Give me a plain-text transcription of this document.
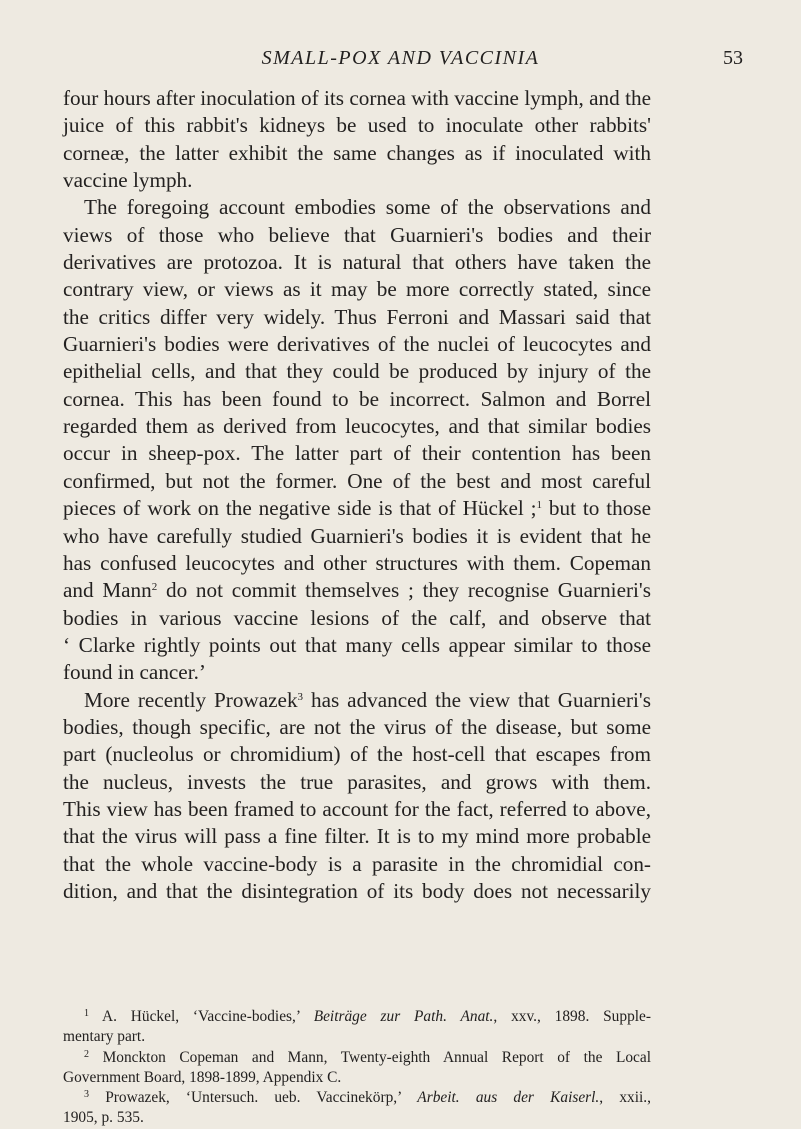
SMALL-POX AND VACCINIA	53
four hours after inoculation of its cornea with vaccine lymph, and the
juice of this rabbit's kidneys be used to inoculate other rabbits'
corneæ, the latter exhibit the same changes as if inoculated with
vaccine lymph.
The foregoing account embodies some of the observations and
views of those who believe that Guarnieri's bodies and their
derivatives are protozoa. It is natural that others have taken the
contrary view, or views as it may be more correctly stated, since
the critics differ very widely. Thus Ferroni and Massari said that
Guarnieri's bodies were derivatives of the nuclei of leucocytes and
epithelial cells, and that they could be produced by injury of the
cornea. This has been found to be incorrect. Salmon and Borrel
regarded them as derived from leucocytes, and that similar bodies
occur in sheep-pox. The latter part of their contention has been
confirmed, but not the former. One of the best and most careful
pieces of work on the negative side is that of Hückel ;$^1$ but to those
who have carefully studied Guarnieri's bodies it is evident that he
has confused leucocytes and other structures with them. Copeman
and Mann$^2$ do not commit themselves ; they recognise Guarnieri's
bodies in various vaccine lesions of the calf, and observe that
‘ Clarke rightly points out that many cells appear similar to those
found in cancer.’
More recently Prowazek$^3$ has advanced the view that Guarnieri's
bodies, though specific, are not the virus of the disease, but some
part (nucleolus or chromidium) of the host-cell that escapes from
the nucleus, invests the true parasites, and grows with them.
This view has been framed to account for the fact, referred to above,
that the virus will pass a fine filter. It is to my mind more probable
that the whole vaccine-body is a parasite in the chromidial con-
dition, and that the disintegration of its body does not necessarily
$^1$ A. Hückel, ‘Vaccine-bodies,’ Beiträge zur Path. Anat., xxv., 1898. Supple-
mentary part.
$^2$ Monckton Copeman and Mann, Twenty-eighth Annual Report of the Local
Government Board, 1898-1899, Appendix C.
$^3$ Prowazek, ‘Untersuch. ueb. Vaccinekörp,’ Arbeit. aus der Kaiserl., xxii.,
1905, p. 535.
